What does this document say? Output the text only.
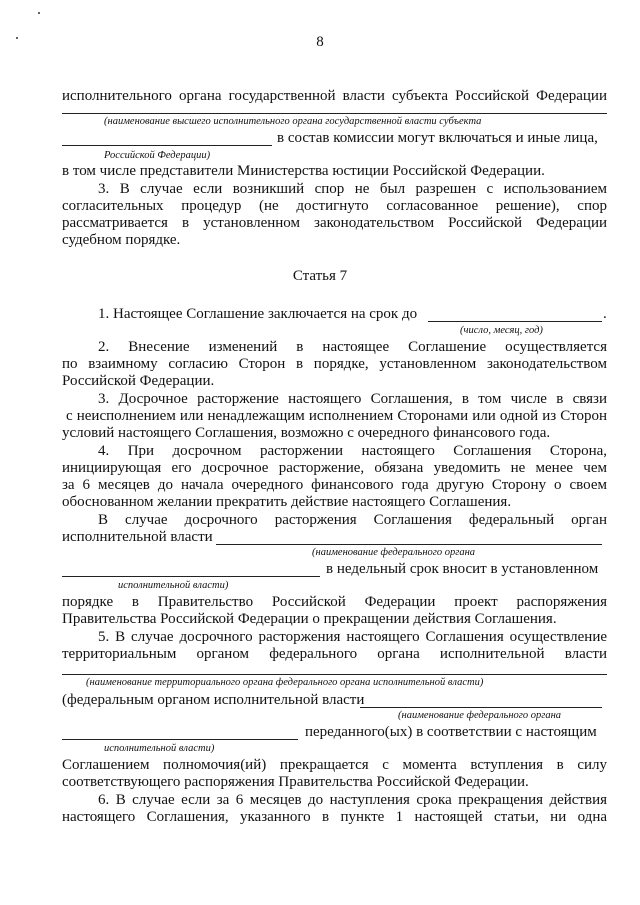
8
исполнительного органа государственной власти субъекта Российской Федерации
(наименование высшего исполнительного органа государственной власти субъекта
в состав комиссии могут включаться и иные лица,
Российской Федерации)
в том числе представители Министерства юстиции Российской Федерации.
3. В случае если возникший спор не был разрешен с использованием
согласительных процедур (не достигнуто согласованное решение), спор
рассматривается в установленном законодательством Российской Федерации
судебном порядке.
Статья 7
1. Настоящее Соглашение заключается на срок до	.
(число, месяц, год)
2. Внесение изменений в настоящее Соглашение осуществляется
по взаимному согласию Сторон в порядке, установленном законодательством
Российской Федерации.
3. Досрочное расторжение настоящего Соглашения, в том числе в связи
с неисполнением или ненадлежащим исполнением Сторонами или одной из Сторон
условий настоящего Соглашения, возможно с очередного финансового года.
4. При досрочном расторжении настоящего Соглашения Сторона,
инициирующая его досрочное расторжение, обязана уведомить не менее чем
за 6 месяцев до начала очередного финансового года другую Сторону о своем
обоснованном желании прекратить действие настоящего Соглашения.
В случае досрочного расторжения Соглашения федеральный орган
исполнительной власти
(наименование федерального органа
в недельный срок вносит в установленном
исполнительной власти)
порядке в Правительство Российской Федерации проект распоряжения
Правительства Российской Федерации о прекращении действия Соглашения.
5. В случае досрочного расторжения настоящего Соглашения осуществление
территориальным органом федерального органа исполнительной власти
(наименование территориального органа федерального органа исполнительной власти)
(федеральным органом исполнительной власти
(наименование федерального органа
переданного(ых) в соответствии с настоящим
исполнительной власти)
Соглашением полномочия(ий) прекращается с момента вступления в силу
соответствующего распоряжения Правительства Российской Федерации.
6. В случае если за 6 месяцев до наступления срока прекращения действия
настоящего Соглашения, указанного в пункте 1 настоящей статьи, ни одна
